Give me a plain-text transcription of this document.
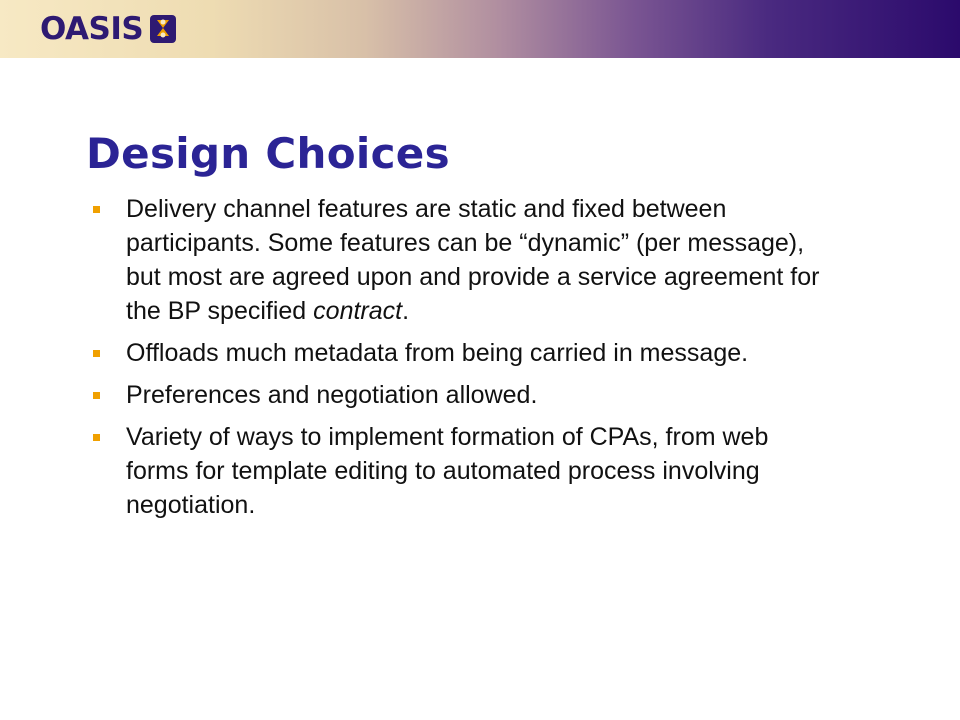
OASIS
Design Choices
Delivery channel features are static and fixed between participants. Some features can be “dynamic” (per message), but most are agreed upon and provide a service agreement for the BP specified contract.
Offloads much metadata from being carried in message.
Preferences and negotiation allowed.
Variety of ways to implement formation of CPAs, from web forms for template editing to automated process involving negotiation.
